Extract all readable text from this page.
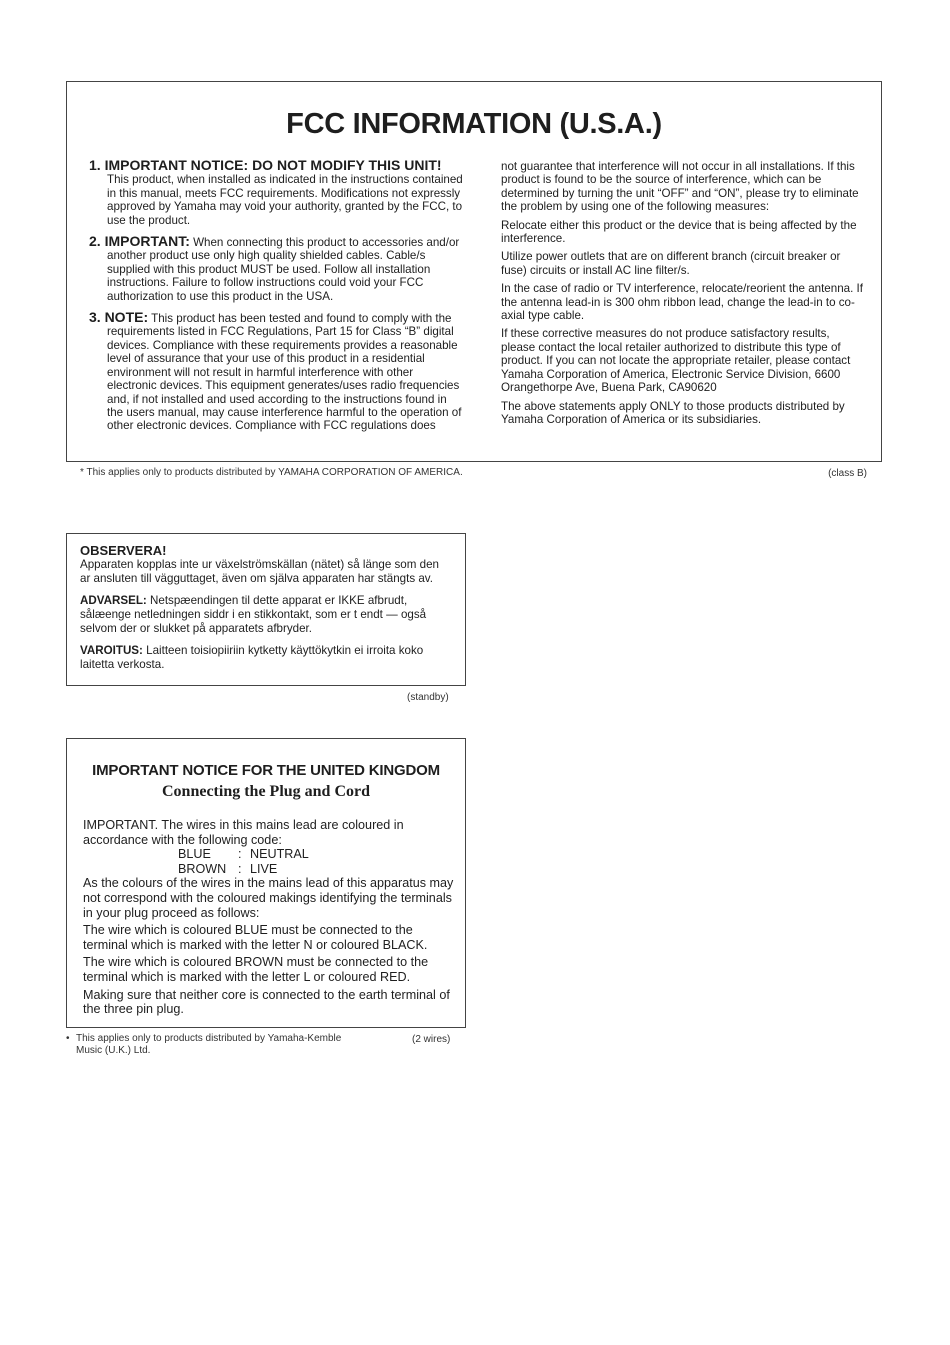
FCC INFORMATION (U.S.A.)
1. IMPORTANT NOTICE: DO NOT MODIFY THIS UNIT!
This product, when installed as indicated in the instructions contained in this manual, meets FCC requirements. Modifications not expressly approved by Yamaha may void your authority, granted by the FCC, to use the product.
2. IMPORTANT: When connecting this product to accessories and/or another product use only high quality shielded cables. Cable/s supplied with this product MUST be used. Follow all installation instructions. Failure to follow instructions could void your FCC authorization to use this product in the USA.
3. NOTE: This product has been tested and found to comply with the requirements listed in FCC Regulations, Part 15 for Class “B” digital devices. Compliance with these requirements provides a reasonable level of assurance that your use of this product in a residential environment will not result in harmful interference with other electronic devices. This equipment generates/uses radio frequencies and, if not installed and used according to the instructions found in the users manual, may cause interference harmful to the operation of other electronic devices. Compliance with FCC regulations does

not guarantee that interference will not occur in all installations. If this product is found to be the source of interference, which can be determined by turning the unit “OFF” and “ON”, please try to eliminate the problem by using one of the following measures:

Relocate either this product or the device that is being affected by the interference.

Utilize power outlets that are on different branch (circuit breaker or fuse) circuits or install AC line filter/s.

In the case of radio or TV interference, relocate/reorient the antenna. If the antenna lead-in is 300 ohm ribbon lead, change the lead-in to co-axial type cable.

If these corrective measures do not produce satisfactory results, please contact the local retailer authorized to distribute this type of product. If you can not locate the appropriate retailer, please contact Yamaha Corporation of America, Electronic Service Division, 6600 Orangethorpe Ave, Buena Park, CA90620

The above statements apply ONLY to those products distributed by Yamaha Corporation of America or its subsidiaries.

* This applies only to products distributed by YAMAHA CORPORATION OF AMERICA.	(class B)

OBSERVERA!

Apparaten kopplas inte ur växelströmskällan (nätet) så länge som den ar ansluten till vägguttaget, även om själva apparaten har stängts av.

ADVARSEL: Netspæendingen til dette apparat er IKKE afbrudt, sålæenge netledningen siddr i en stikkontakt, som er t endt — også selvom der or slukket på apparatets afbryder.

VAROITUS: Laitteen toisiopiiriin kytketty käyttökytkin ei irroita koko laitetta verkosta.

(standby)
IMPORTANT NOTICE FOR THE UNITED KINGDOM
Connecting the Plug and Cord

IMPORTANT. The wires in this mains lead are coloured in accordance with the following code:

BLUE	: NEUTRAL
BROWN : LIVE

As the colours of the wires in the mains lead of this apparatus may not correspond with the coloured makings identifying the terminals in your plug proceed as follows:

The wire which is coloured BLUE must be connected to the terminal which is marked with the letter N or coloured BLACK.

The wire which is coloured BROWN must be connected to the terminal which is marked with the letter L or coloured RED.

Making sure that neither core is connected to the earth terminal of the three pin plug.

• This applies only to products distributed by Yamaha-Kemble
Music (U.K.) Ltd.
(2 wires)
